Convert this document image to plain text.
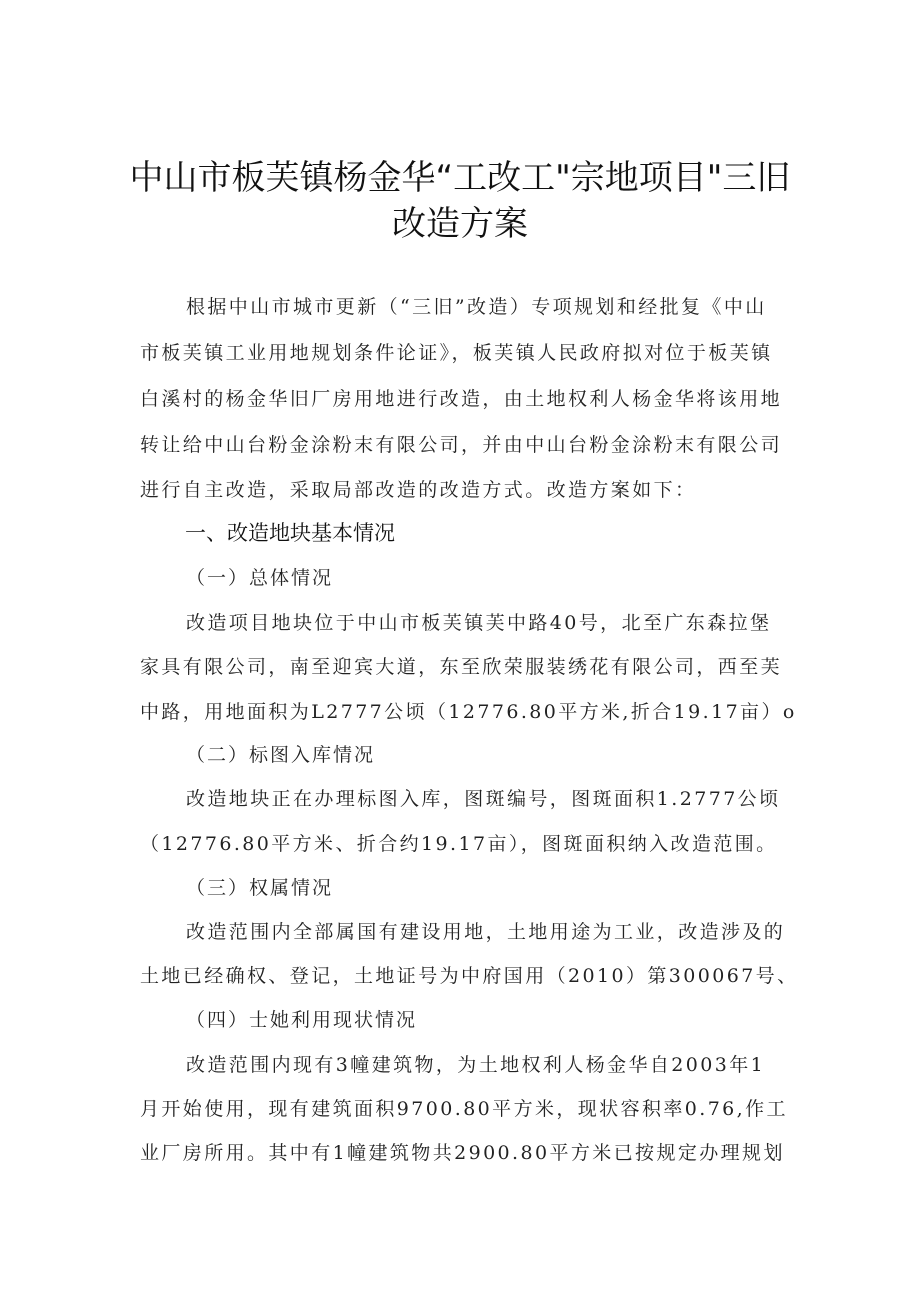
中山市板芙镇杨金华“工改工"宗地项目"三旧
改造方案
根据中山市城市更新（“三旧”改造）专项规划和经批复《中山
市板芙镇工业用地规划条件论证》，板芙镇人民政府拟对位于板芙镇
白溪村的杨金华旧厂房用地进行改造，由土地权利人杨金华将该用地
转让给中山台粉金涂粉末有限公司，并由中山台粉金涂粉末有限公司
进行自主改造，采取局部改造的改造方式。改造方案如下：
一、改造地块基本情况
（一）总体情况
改造项目地块位于中山市板芙镇芙中路40号，北至广东森拉堡
家具有限公司，南至迎宾大道，东至欣荣服装绣花有限公司，西至芙
中路，用地面积为L2777公顷（12776.80平方米,折合19.17亩）o
（二）标图入库情况
改造地块正在办理标图入库，图斑编号，图斑面积1.2777公顷
（12776.80平方米、折合约19.17亩），图斑面积纳入改造范围。
（三）权属情况
改造范围内全部属国有建设用地，土地用途为工业，改造涉及的
土地已经确权、登记，土地证号为中府国用（2010）第300067号、
（四）士她利用现状情况
改造范围内现有3幢建筑物，为土地权利人杨金华自2003年1
月开始使用，现有建筑面积9700.80平方米，现状容积率0.76,作工
业厂房所用。其中有1幢建筑物共2900.80平方米已按规定办理规划
